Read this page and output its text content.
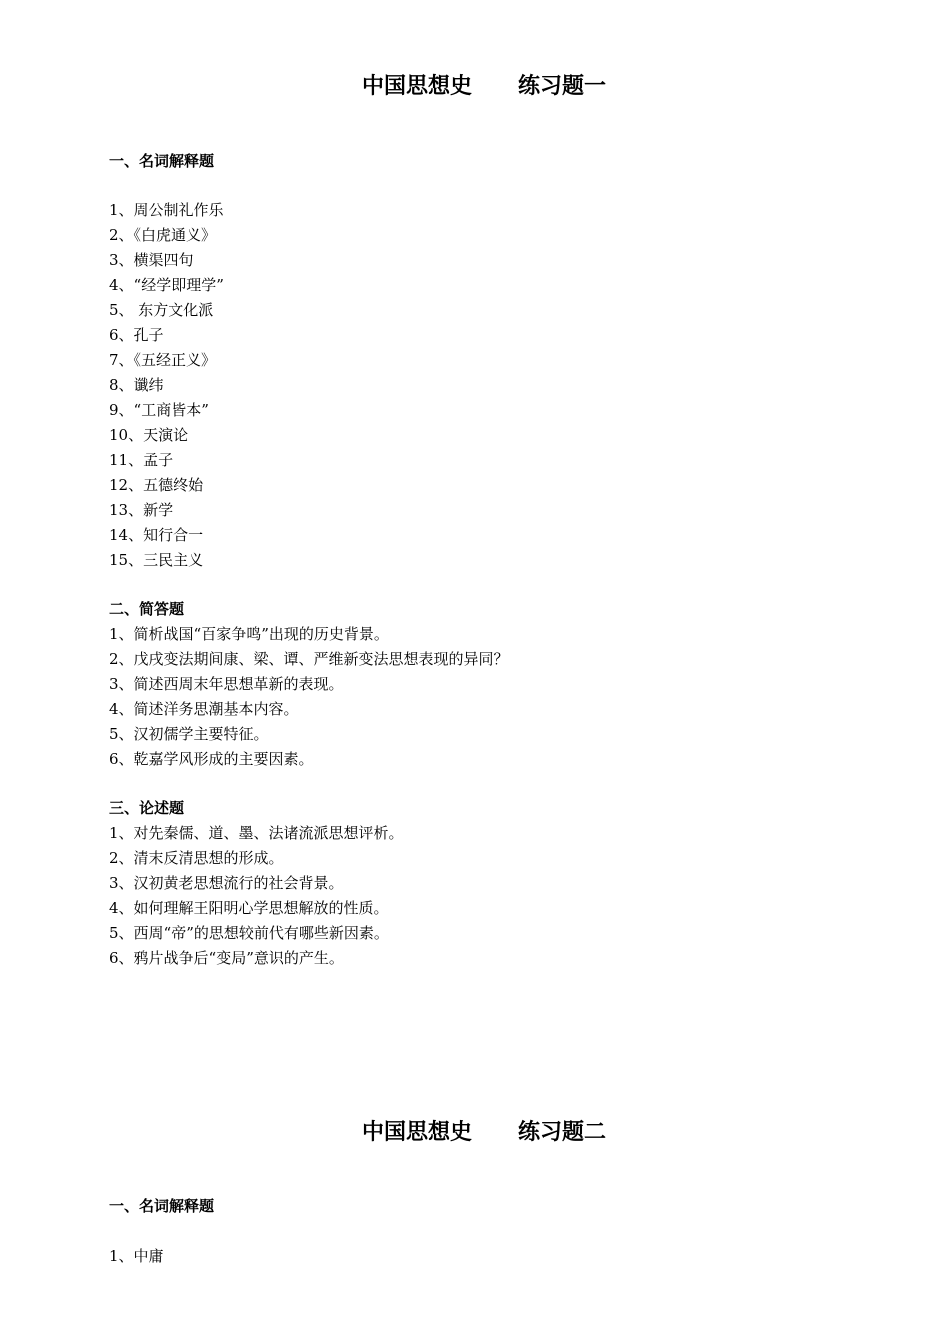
中国思想史      练习题一
一、名词解释题
1、周公制礼作乐
2、《白虎通义》
3、横渠四句
4、“经学即理学”
5、 东方文化派
6、孔子
7、《五经正义》
8、谶纬
9、“工商皆本”
10、天演论
11、孟子
12、五德终始
13、新学
14、知行合一
15、三民主义
二、简答题
1、简析战国“百家争鸣”出现的历史背景。
2、戊戌变法期间康、梁、谭、严维新变法思想表现的异同？
3、简述西周末年思想革新的表现。
4、简述洋务思潮基本内容。
5、汉初儒学主要特征。
6、乾嘉学风形成的主要因素。
三、论述题
1、对先秦儒、道、墨、法诸流派思想评析。
2、清末反清思想的形成。
3、汉初黄老思想流行的社会背景。
4、如何理解王阳明心学思想解放的性质。
5、西周“帝”的思想较前代有哪些新因素。
6、鸦片战争后“变局”意识的产生。
中国思想史      练习题二
一、名词解释题
1、中庸
